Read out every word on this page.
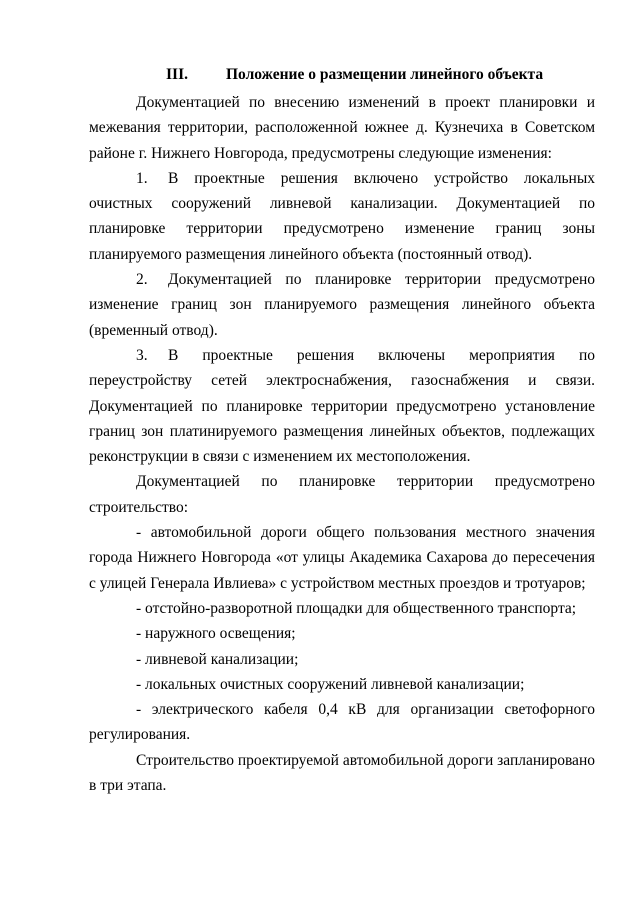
III. Положение о размещении линейного объекта

Документацией по внесению изменений в проект планировки и межевания территории, расположенной южнее д. Кузнечиха в Советском районе г. Нижнего Новгорода, предусмотрены следующие изменения:

1. В проектные решения включено устройство локальных очистных сооружений ливневой канализации. Документацией по планировке территории предусмотрено изменение границ зоны планируемого размещения линейного объекта (постоянный отвод).

2. Документацией по планировке территории предусмотрено изменение границ зон планируемого размещения линейного объекта (временный отвод).

3. В проектные решения включены мероприятия по переустройству сетей электроснабжения, газоснабжения и связи. Документацией по планировке территории предусмотрено установление границ зон платинируемого размещения линейных объектов, подлежащих реконструкции в связи с изменением их местоположения.

Документацией по планировке территории предусмотрено строительство:

- автомобильной дороги общего пользования местного значения города Нижнего Новгорода «от улицы Академика Сахарова до пересечения с улицей Генерала Ивлиева» с устройством местных проездов и тротуаров;

- отстойно-разворотной площадки для общественного транспорта;

- наружного освещения;

- ливневой канализации;

- локальных очистных сооружений ливневой канализации;

- электрического кабеля 0,4 кВ для организации светофорного регулирования.

Строительство проектируемой автомобильной дороги запланировано в три этапа.
